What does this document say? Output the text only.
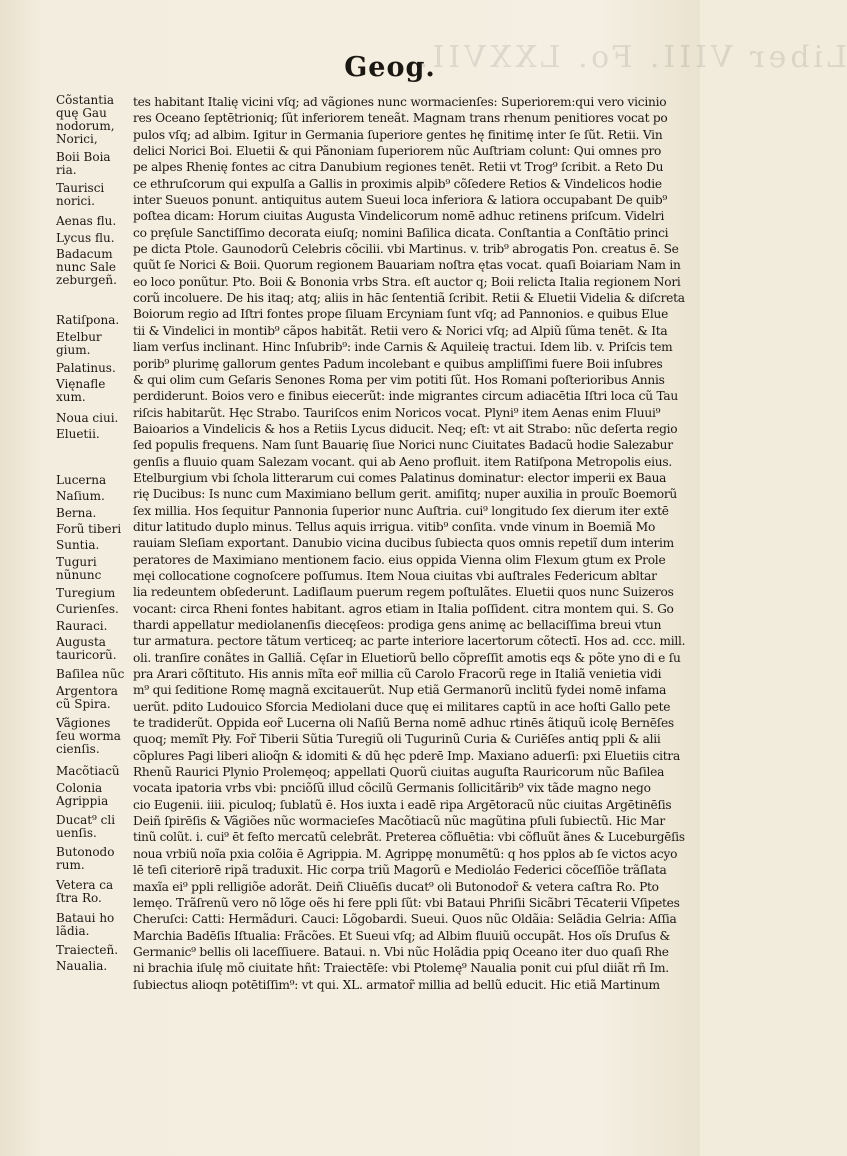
Liber VIII. Fo. LXXVII.
Geog.
Cõstantia
quę Gau
nodorum,
Norici,
Boii Boia
ria.
Taurisci
norici.
Aenas flu.
Lycus flu.
Badacum
nunc Sale
zeburgeñ.
Ratiſpona.
Etelbur
gium.
Palatinus.
Vięnafle
xum.
Noua ciui.
Eluetii.
Lucerna
Naſium.
Berna.
Forũ tiberi
Suntia.
Tuguri
nũnunc
Turegium
Curienſes.
Rauraci.
Augusta
tauricorũ.
Baſilea nũc
Argentora
cũ Spira.
Vãgiones
ſeu worma
cienſis.
Macõtiacũ
Colonia
Agrippia
Ducat⁹ cli
uenſis.
Butonodo
rum.
Vetera ca
ſtra Ro.
Bataui ho
lãdia.
Traiecteñ.
Naualia.
tes habitant Italię vicini vſq; ad vãgiones nunc wormacienſes: Superiorem:qui vero vicinio
res Oceano ſeptētrioniq; ſũt inferiorem teneãt. Magnam trans rhenum penitiores vocat po
pulos vſq; ad albim. Igitur in Germania ſuperiore gentes hę finitimę inter ſe ſũt. Retii. Vin
delici Norici Boi. Eluetii & qui Pãnoniam ſuperiorem nũc Auſtriam colunt: Qui omnes pro
pe alpes Rhenię fontes ac citra Danubium regiones tenēt. Retii vt Trog⁹ ſcribit. a Reto Du
ce ethruſcorum qui expulſa a Gallis in proximis alpib⁹ cõſedere Retios & Vindelicos hodie
inter Sueuos ponunt. antiquitus autem Sueui loca inferiora & latiora occupabant De quib⁹
poſtea dicam: Horum ciuitas Augusta Vindelicorum nomē adhuc retinens priſcum. Videlri
co pręſule Sanctiſſimo decorata eiuſq; nomini Baſilica dicata. Conſtantia a Conſtātio princi
pe dicta Ptole. Gaunodorũ Celebris cõcilii. vbi Martinus. v. trib⁹ abrogatis Pon. creatus ē. Se
quũt ſe Norici & Boii. Quorum regionem Bauariam noſtra ętas vocat. quaſi Boiariam Nam in
eo loco ponũtur. Pto. Boii & Bononia vrbs Stra. eſt auctor q; Boii relicta Italia regionem Nori
corũ incoluere. De his itaq; atq; aliis in hāc ſententiã ſcribit. Retii & Eluetii Videlia & diſcreta
Boiorum regio ad Iſtri fontes prope ſiluam Ercyniam ſunt vſq; ad Pannonios. e quibus Elue
tii & Vindelici in montib⁹ cãpos habitãt. Retii vero & Norici vſq; ad Alpiũ ſũma tenēt. & Ita
liam verſus inclinant. Hinc Inſubrib⁹: inde Carnis & Aquileię tractui. Idem lib. v. Priſcis tem
porib⁹ plurimę gallorum gentes Padum incolebant e quibus ampliſſimi fuere Boii inſubres
& qui olim cum Geſaris Senones Roma per vim potiti ſũt. Hos Romani poſterioribus Annis
perdiderunt. Boios vero e finibus eiecerũt: inde migrantes circum adiacētia Iſtri loca cũ Tau
riſcis habitarũt. Hęc Strabo. Tauriſcos enim Noricos vocat. Plyni⁹ item Aenas enim Fluui⁹
Baioarios a Vindelicis & hos a Retiis Lycus diducit. Neq; eſt: vt ait Strabo: nũc deſerta regio
ſed populis frequens. Nam ſunt Bauarię ſiue Norici nunc Ciuitates Badacũ hodie Salezabur
genſis a fluuio quam Salezam vocant. qui ab Aeno profluit. item Ratiſpona Metropolis eius.
Etelburgium vbi ſchola litterarum cui comes Palatinus dominatur: elector imperii ex Baua
rię Ducibus: Is nunc cum Maximiano bellum gerit. amiſitq; nuper auxilia in prouĩc Boemorũ
ſex millia. Hos ſequitur Pannonia ſuperior nunc Auſtria. cui⁹ longitudo ſex dierum iter extē
ditur latitudo duplo minus. Tellus aquis irrigua. vitib⁹ conſita. vnde vinum in Boemiã Mo
rauiam Sleſiam exportant. Danubio vicina ducibus ſubiecta quos omnis repetiĩ dum interim
peratores de Maximiano mentionem facio. eius oppida Vienna olim Flexum gtum ex Prole
męi collocatione cognoſcere poſſumus. Item Noua ciuitas vbi auſtrales Federicum abltar
lia redeuntem obſederunt. Ladiſlaum puerum regem poſtulãtes. Eluetii quos nunc Suizeros
vocant: circa Rheni fontes habitant. agros etiam in Italia poſſident. citra montem qui. S. Go
thardi appellatur mediolanenſis diecęſeos: prodiga gens animę ac bellaciſſima breui vtun
tur armatura. pectore tãtum verticeq; ac parte interiore lacertorum cõtectī. Hos ad. ccc. mill.
oli. tranſire conãtes in Galliã. Cęſar in Eluetiorũ bello cõpreſſit amotis eqs & põte yno di e ſu
pra Arari cõſtituto. His annis mĩta eor̃ millia cũ Carolo Fracorũ rege in Italiã venietia vidi
m⁹ qui ſeditione Romę magnã excitauerũt. Nup etiã Germanorũ inclitũ fydei nomē infama
uerũt. pdito Ludouico Sforcia Mediolani duce quę ei militares captũ in ace hoſti Gallo pete
te tradiderũt. Oppida eor̃ Lucerna oli Naſiũ Berna nomē adhuc rtinēs ãtiquũ icolę Bernēſes
quoq; memĩt Pły. For̃ Tiberii Sũtia Turegiũ oli Tugurinũ Curia & Curiēſes antiq ppli & alii
cõplures Pagi liberi alioq̃n & idomiti & dũ hęc pderē Imp. Maxiano aduerſi: pxi Eluetiis citra
Rhenũ Raurici Plynio Prolemęoq; appellati Quorũ ciuitas auguſta Rauricorum nũc Baſilea
vocata ipatoria vrbs vbi: pnciõſũ illud cõcilũ Germanis ſollicitãrib⁹ vix tãde magno nego
cio Eugenii. iiii. piculoq; ſublatũ ē. Hos iuxta i eadē ripa Argētoracũ nũc ciuitas Argētinēſis
Deiñ ſpirēſis & Vãgiões nũc wormacieſes Macõtiacũ nũc magũtina pſuli ſubiectũ. Hic Mar
tinũ colũt. i. cui⁹ ēt feſto mercatũ celebrãt. Preterea cõfluētia: vbi cõfluũt ãnes & Luceburgēſis
noua vrbiũ noĩa pxia colõia ē Agrippia. M. Agrippę monumẽtũ: q hos pplos ab ſe victos acyo
lē teſi citeriorē ripã traduxit. Hic corpa triũ Magorũ e Medioláo Federici cõceſſiõe trãſlata
maxĩa ei⁹ ppli relligiõe adorãt. Deiñ Cliuēſis ducat⁹ oli Butonodor̃ & vetera caſtra Ro. Pto
lemęo. Trãſrenũ vero nõ lõge oẽs hi fere ppli ſũt: vbi Bataui Phriſii Sicãbri Tēcaterii Vſipetes
Cheruſci: Catti: Hermãduri. Cauci: Lõgobardi. Sueui. Quos nũc Oldãia: Selãdia Gelria: Aſſia
Marchia Badēſis Iſtualia: Frãcões. Et Sueui vſq; ad Albim fluuiũ occupãt. Hos oĩs Druſus &
Germanic⁹ bellis oli laceſſiuere. Bataui. n. Vbi nũc Holãdia ppiq Oceano iter duo quaſi Rhe
ni brachia iſulę mõ ciuitate hñt: Traiectēſe: vbi Ptolemę⁹ Naualia ponit cui pſul diiãt rñ Im.
ſubiectus alioqn potētiſſim⁹: vt qui. XL. armator̃ millia ad bellũ educit. Hic etiã Martinum
